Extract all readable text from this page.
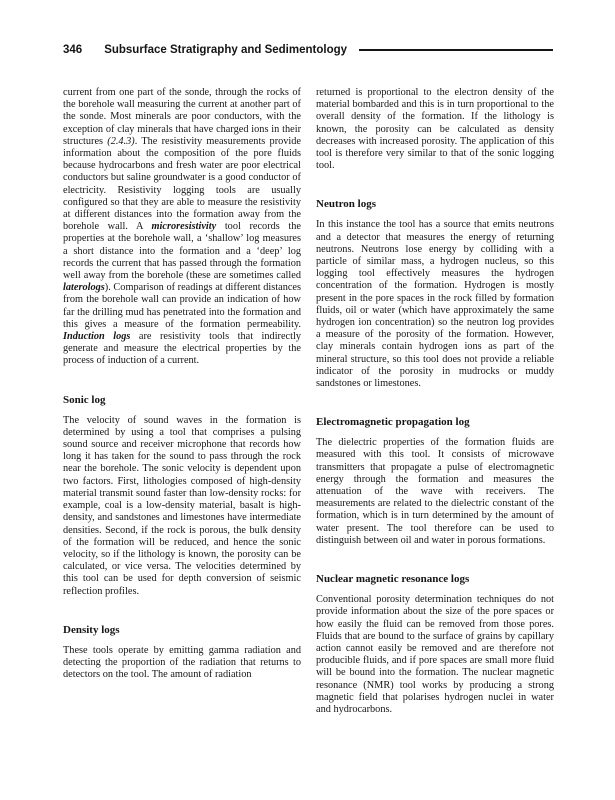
346 Subsurface Stratigraphy and Sedimentology

current from one part of the sonde, through the rocks of the borehole wall measuring the current at another part of the sonde. Most minerals are poor conductors, with the exception of clay minerals that have charged ions in their structures (2.4.3). The resistivity measurements provide information about the composition of the pore fluids because hydrocarbons and fresh water are poor electrical conductors but saline groundwater is a good conductor of electricity. Resistivity logging tools are usually configured so that they are able to measure the resistivity at different distances into the formation away from the borehole wall. A microresistivity tool records the properties at the borehole wall, a ‘shallow’ log measures a short distance into the formation and a ‘deep’ log records the current that has passed through the formation well away from the borehole (these are sometimes called laterologs). Comparison of readings at different distances from the borehole wall can provide an indication of how far the drilling mud has penetrated into the formation and this gives a measure of the formation permeability. Induction logs are resistivity tools that indirectly generate and measure the electrical properties by the process of induction of a current.

Sonic log

The velocity of sound waves in the formation is determined by using a tool that comprises a pulsing sound source and receiver microphone that records how long it has taken for the sound to pass through the rock near the borehole. The sonic velocity is dependent upon two factors. First, lithologies composed of high-density material transmit sound faster than low-density rocks: for example, coal is a low-density material, basalt is high-density, and sandstones and limestones have intermediate densities. Second, if the rock is porous, the bulk density of the formation will be reduced, and hence the sonic velocity, so if the lithology is known, the porosity can be calculated, or vice versa. The velocities determined by this tool can be used for depth conversion of seismic reflection profiles.

Density logs

These tools operate by emitting gamma radiation and detecting the proportion of the radiation that returns to detectors on the tool. The amount of radiation

returned is proportional to the electron density of the material bombarded and this is in turn proportional to the overall density of the formation. If the lithology is known, the porosity can be calculated as density decreases with increased porosity. The application of this tool is therefore very similar to that of the sonic logging tool.

Neutron logs

In this instance the tool has a source that emits neutrons and a detector that measures the energy of returning neutrons. Neutrons lose energy by colliding with a particle of similar mass, a hydrogen nucleus, so this logging tool effectively measures the hydrogen concentration of the formation. Hydrogen is mostly present in the pore spaces in the rock filled by formation fluids, oil or water (which have approximately the same hydrogen ion concentration) so the neutron log provides a measure of the porosity of the formation. However, clay minerals contain hydrogen ions as part of the mineral structure, so this tool does not provide a reliable indicator of the porosity in mudrocks or muddy sandstones or limestones.

Electromagnetic propagation log

The dielectric properties of the formation fluids are measured with this tool. It consists of microwave transmitters that propagate a pulse of electromagnetic energy through the formation and measures the attenuation of the wave with receivers. The measurements are related to the dielectric constant of the formation, which is in turn determined by the amount of water present. The tool therefore can be used to distinguish between oil and water in porous formations.

Nuclear magnetic resonance logs

Conventional porosity determination techniques do not provide information about the size of the pore spaces or how easily the fluid can be removed from those pores. Fluids that are bound to the surface of grains by capillary action cannot easily be removed and are therefore not producible fluids, and if pore spaces are small more fluid will be bound into the formation. The nuclear magnetic resonance (NMR) tool works by producing a strong magnetic field that polarises hydrogen nuclei in water and hydrocarbons.
